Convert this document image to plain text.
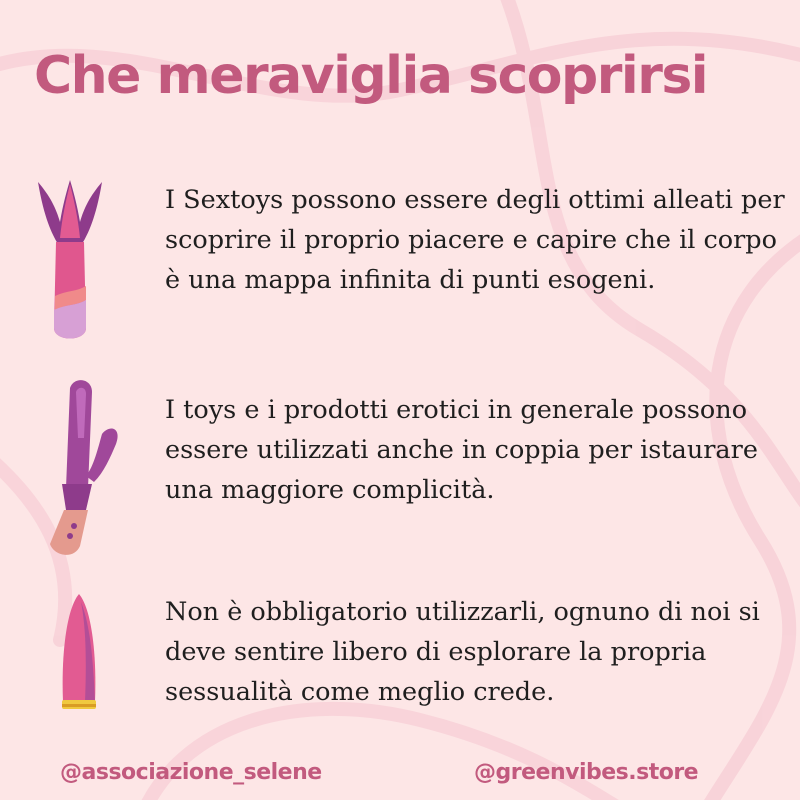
Che meraviglia scoprirsi

I Sextoys possono essere degli ottimi alleati per scoprire il proprio piacere e capire che il corpo è una mappa infinita di punti esogeni.

I toys e i prodotti erotici in generale possono essere utilizzati anche in coppia per istaurare una maggiore complicità.

Non è obbligatorio utilizzarli, ognuno di noi si deve sentire libero di esplorare la propria sessualità come meglio crede.

@associazione_selene	@greenvibes.store
